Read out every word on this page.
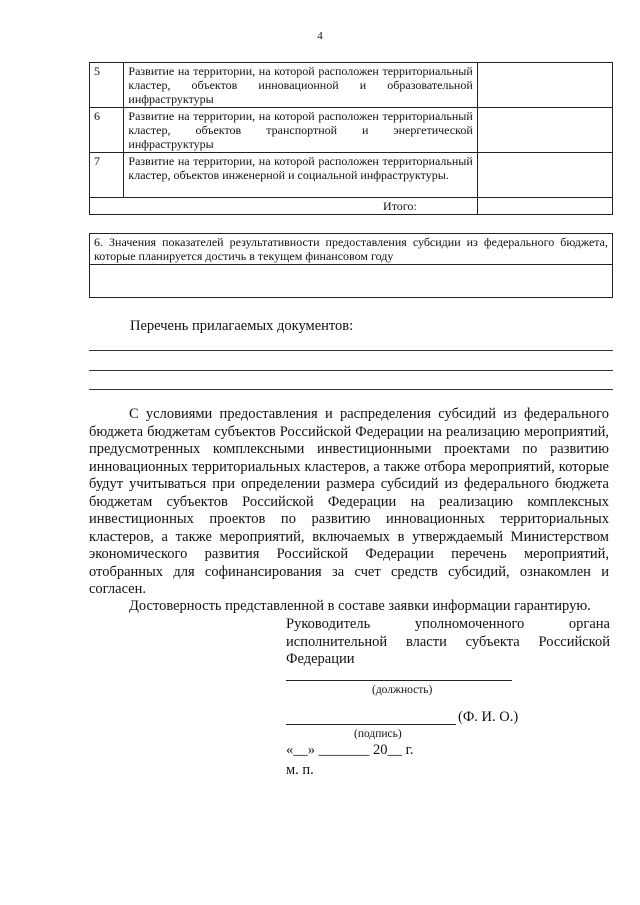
4
5	Развитие на территории, на которой расположен территориальный кластер, объектов инновационной и образовательной инфраструктуры	
6	Развитие на территории, на которой расположен территориальный кластер, объектов транспортной и энергетической инфраструктуры	
7	Развитие на территории, на которой расположен территориальный кластер, объектов инженерной и социальной инфраструктуры.	
Итого:		
6. Значения показателей результативности предоставления субсидии из федерального бюджета, которые планируется достичь в текущем финансовом году

Перечень прилагаемых документов:

С условиями предоставления и распределения субсидий из федерального бюджета бюджетам субъектов Российской Федерации на реализацию мероприятий, предусмотренных комплексными инвестиционными проектами по развитию инновационных территориальных кластеров, а также отбора мероприятий, которые будут учитываться при определении размера субсидий из федерального бюджета бюджетам субъектов Российской Федерации на реализацию комплексных инвестиционных проектов по развитию инновационных территориальных кластеров, а также мероприятий, включаемых в утверждаемый Министерством экономического развития Российской Федерации перечень мероприятий, отобранных для софинансирования за счет средств субсидий, ознакомлен и согласен.

Достоверность представленной в составе заявки информации гарантирую.

Руководитель уполномоченного органа исполнительной власти субъекта Российской Федерации
(должность)
(Ф. И. О.)
(подпись)
«__» _______ 20__ г.
м. п.
